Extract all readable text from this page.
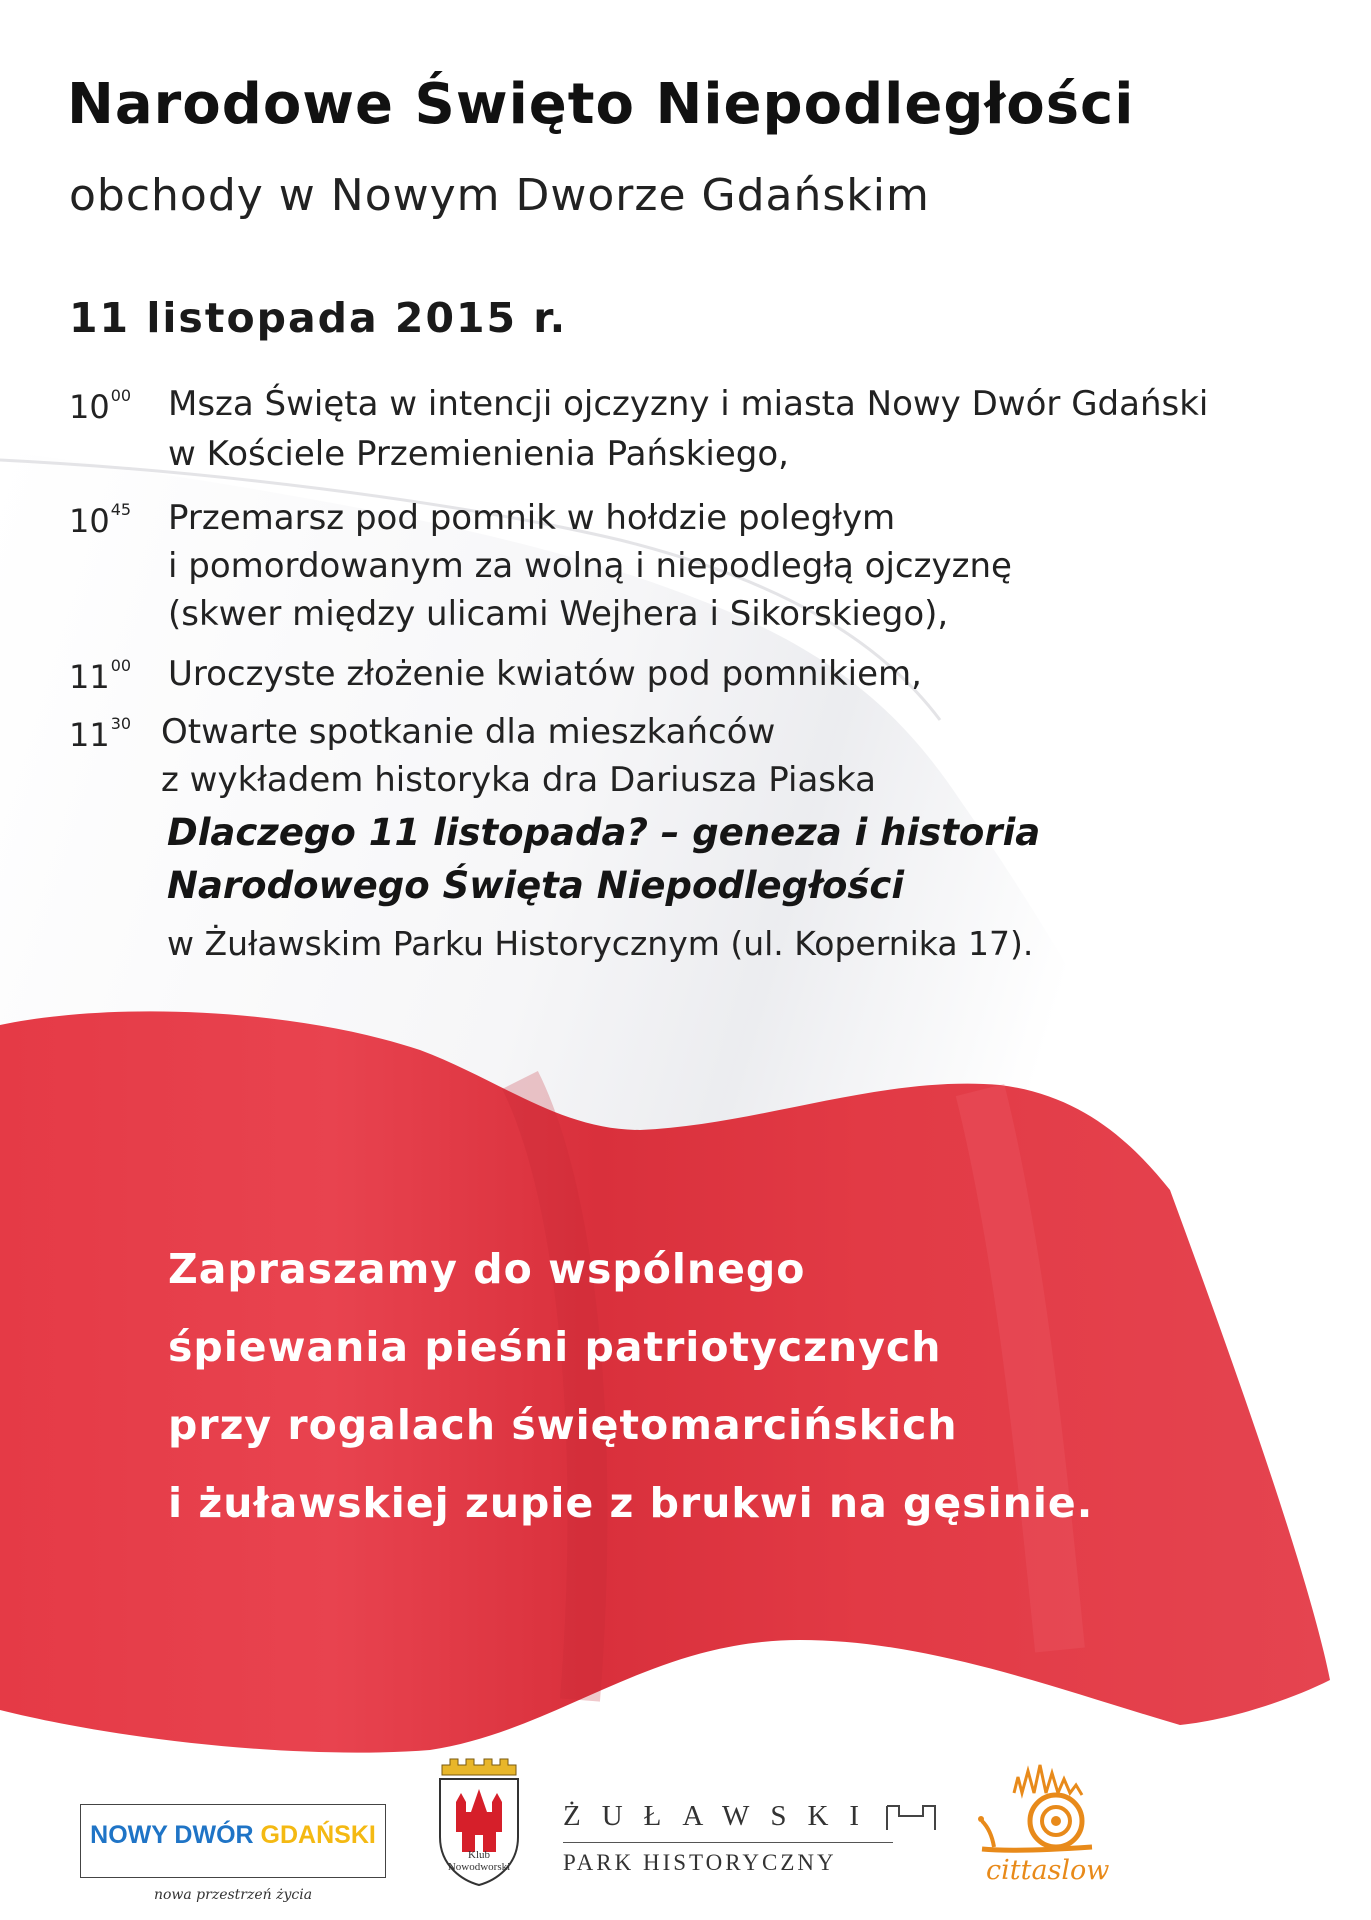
Narodowe Święto Niepodległości
obchody w Nowym Dworze Gdańskim
11 listopada 2015 r.
$10^{00}$ Msza Święta w intencji ojczyzny i miasta Nowy Dwór Gdański
w Kościele Przemienienia Pańskiego,
$10^{45}$ Przemarsz pod pomnik w hołdzie poległym
i pomordowanym za wolną i niepodległą ojczyznę
(skwer między ulicami Wejhera i Sikorskiego),
$11^{00}$ Uroczyste złożenie kwiatów pod pomnikiem,
$11^{30}$ Otwarte spotkanie dla mieszkańców
z wykładem historyka dra Dariusza Piaska
Dlaczego 11 listopada? – geneza i historia
Narodowego Święta Niepodległości
w Żuławskim Parku Historycznym (ul. Kopernika 17).

Zapraszamy do wspólnego

śpiewania pieśni patriotycznych

przy rogalach świętomarcińskich

i żuławskiej zupie z brukwi na gęsinie.

NOWY DWÓR GDAŃSKI
nowa przestrzeń życia
Klub Nowodworski
ŻUŁAWSKI
PARK HISTORYCZNY	cittaslow
